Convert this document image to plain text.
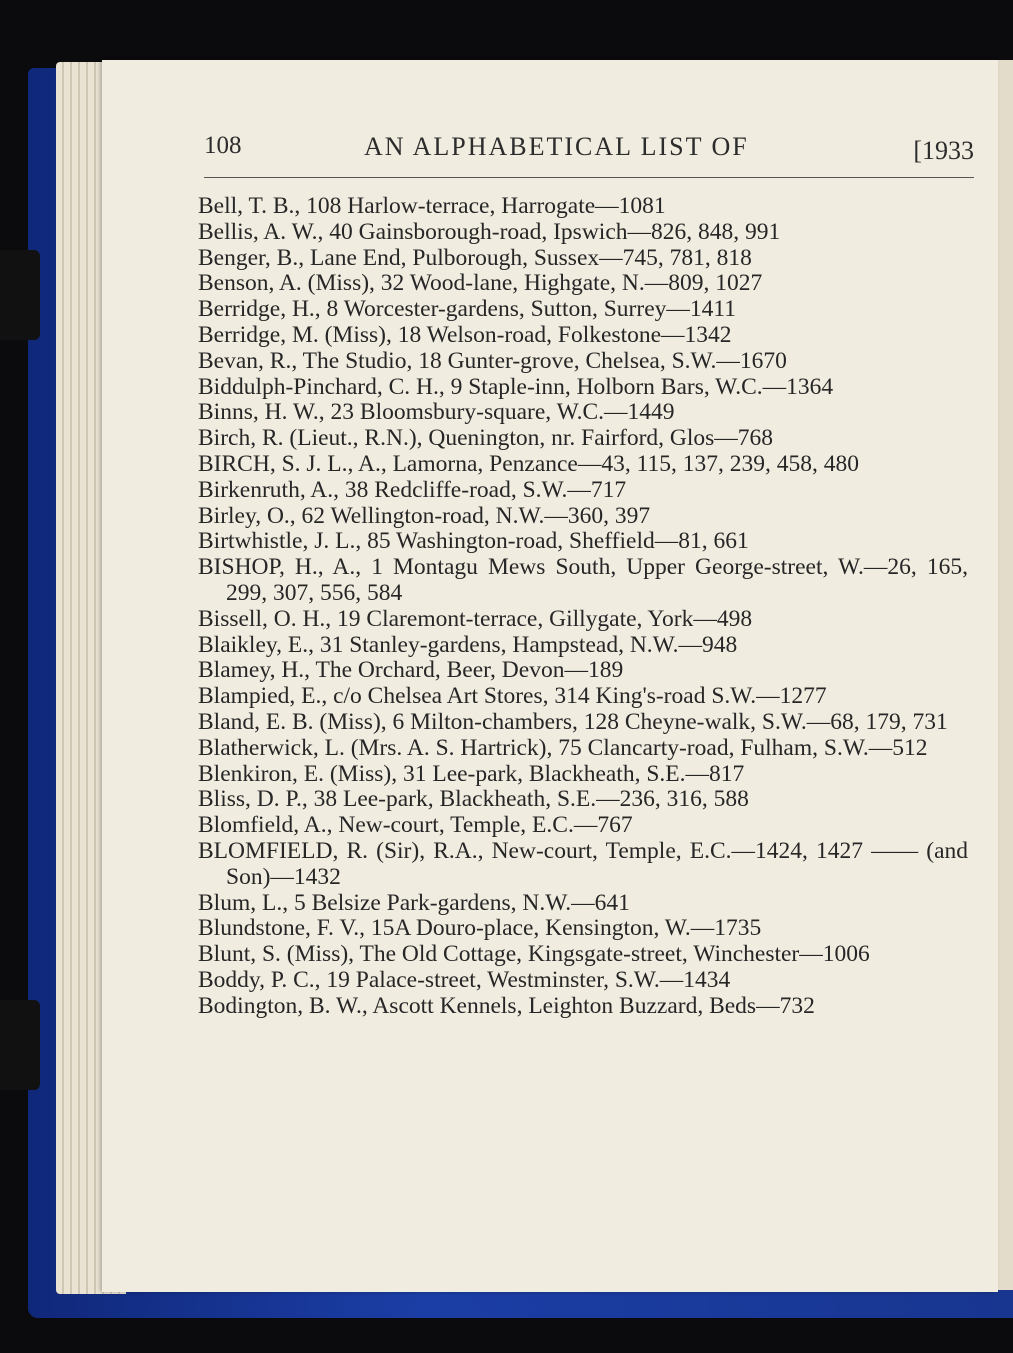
108	AN ALPHABETICAL LIST OF	[1933
Bell, T. B., 108 Harlow-terrace, Harrogate—1081
Bellis, A. W., 40 Gainsborough-road, Ipswich—826, 848, 991
Benger, B., Lane End, Pulborough, Sussex—745, 781, 818
Benson, A. (Miss), 32 Wood-lane, Highgate, N.—809, 1027
Berridge, H., 8 Worcester-gardens, Sutton, Surrey—1411
Berridge, M. (Miss), 18 Welson-road, Folkestone—1342
Bevan, R., The Studio, 18 Gunter-grove, Chelsea, S.W.—1670
Biddulph-Pinchard, C. H., 9 Staple-inn, Holborn Bars, W.C.—1364
Binns, H. W., 23 Bloomsbury-square, W.C.—1449
Birch, R. (Lieut., R.N.), Quenington, nr. Fairford, Glos—768
BIRCH, S. J. L., A., Lamorna, Penzance—43, 115, 137, 239, 458, 480
Birkenruth, A., 38 Redcliffe-road, S.W.—717
Birley, O., 62 Wellington-road, N.W.—360, 397
Birtwhistle, J. L., 85 Washington-road, Sheffield—81, 661
BISHOP, H., A., 1 Montagu Mews South, Upper George-street, W.—26, 165, 299, 307, 556, 584
Bissell, O. H., 19 Claremont-terrace, Gillygate, York—498
Blaikley, E., 31 Stanley-gardens, Hampstead, N.W.—948
Blamey, H., The Orchard, Beer, Devon—189
Blampied, E., c/o Chelsea Art Stores, 314 King's-road S.W.—1277
Bland, E. B. (Miss), 6 Milton-chambers, 128 Cheyne-walk, S.W.—68, 179, 731
Blatherwick, L. (Mrs. A. S. Hartrick), 75 Clancarty-road, Fulham, S.W.—512
Blenkiron, E. (Miss), 31 Lee-park, Blackheath, S.E.—817
Bliss, D. P., 38 Lee-park, Blackheath, S.E.—236, 316, 588
Blomfield, A., New-court, Temple, E.C.—767
BLOMFIELD, R. (Sir), R.A., New-court, Temple, E.C.—1424, 1427 —— (and Son)—1432
Blum, L., 5 Belsize Park-gardens, N.W.—641
Blundstone, F. V., 15A Douro-place, Kensington, W.—1735
Blunt, S. (Miss), The Old Cottage, Kingsgate-street, Winchester—1006
Boddy, P. C., 19 Palace-street, Westminster, S.W.—1434
Bodington, B. W., Ascott Kennels, Leighton Buzzard, Beds—732
